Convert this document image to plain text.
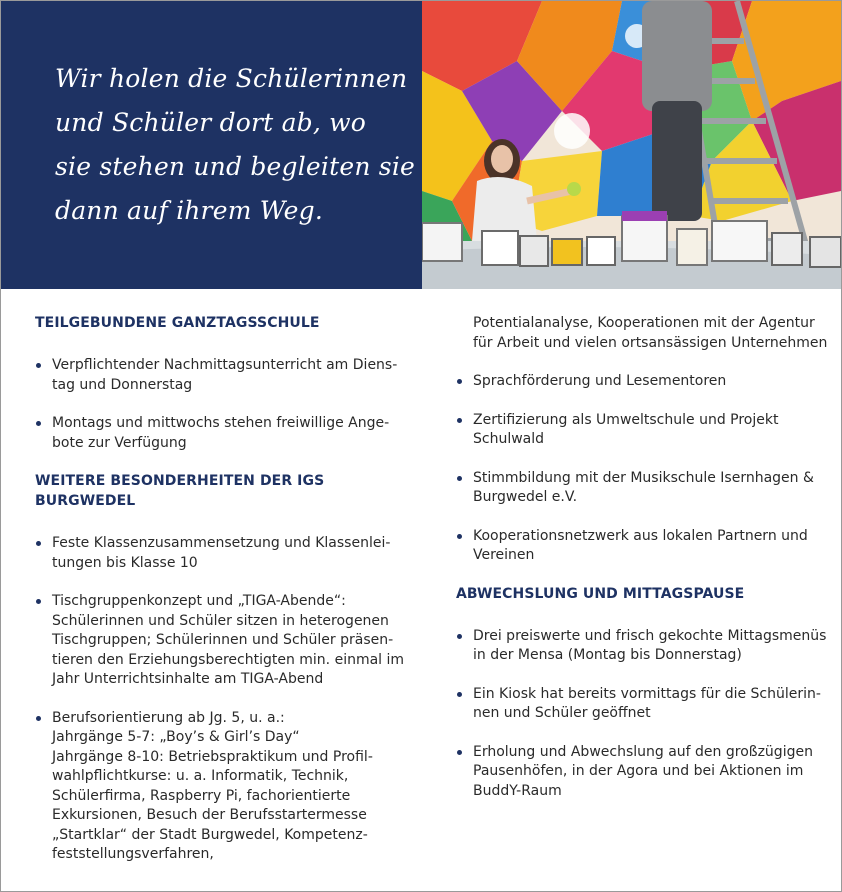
Wir holen die Schülerinnen
und Schüler dort ab, wo
sie stehen und begleiten sie
dann auf ihrem Weg.

TEILGEBUNDENE GANZTAGSSCHULE
Verpflichtender Nachmittagsunterricht am Diens-
tag und Donnerstag
Montags und mittwochs stehen freiwillige Ange-
bote zur Verfügung
WEITERE BESONDERHEITEN DER IGS BURGWEDEL
Feste Klassenzusammensetzung und Klassenlei-
tungen bis Klasse 10
Tischgruppenkonzept und „TIGA-Abende“:
Schülerinnen und Schüler sitzen in heterogenen
Tischgruppen; Schülerinnen und Schüler präsen-
tieren den Erziehungsberechtigten min. einmal im
Jahr Unterrichtsinhalte am TIGA-Abend
Berufsorientierung ab Jg. 5, u. a.:
Jahrgänge 5-7: „Boy’s & Girl’s Day“
Jahrgänge 8-10: Betriebspraktikum und Profil-
wahlpflichtkurse: u. a. Informatik, Technik,
Schülerfirma, Raspberry Pi, fachorientierte
Exkursionen, Besuch der Berufsstartermesse
„Startklar“ der Stadt Burgwedel, Kompetenz-
feststellungsverfahren,
Potentialanalyse, Kooperationen mit der Agentur
für Arbeit und vielen ortsansässigen Unternehmen
Sprachförderung und Lesementoren
Zertifizierung als Umweltschule und Projekt
Schulwald
Stimmbildung mit der Musikschule Isernhagen &
Burgwedel e.V.
Kooperationsnetzwerk aus lokalen Partnern und
Vereinen
ABWECHSLUNG UND MITTAGSPAUSE
Drei preiswerte und frisch gekochte Mittagsmenüs
in der Mensa (Montag bis Donnerstag)
Ein Kiosk hat bereits vormittags für die Schülerin-
nen und Schüler geöffnet
Erholung und Abwechslung auf den großzügigen
Pausenhöfen, in der Agora und bei Aktionen im
BuddY-Raum
